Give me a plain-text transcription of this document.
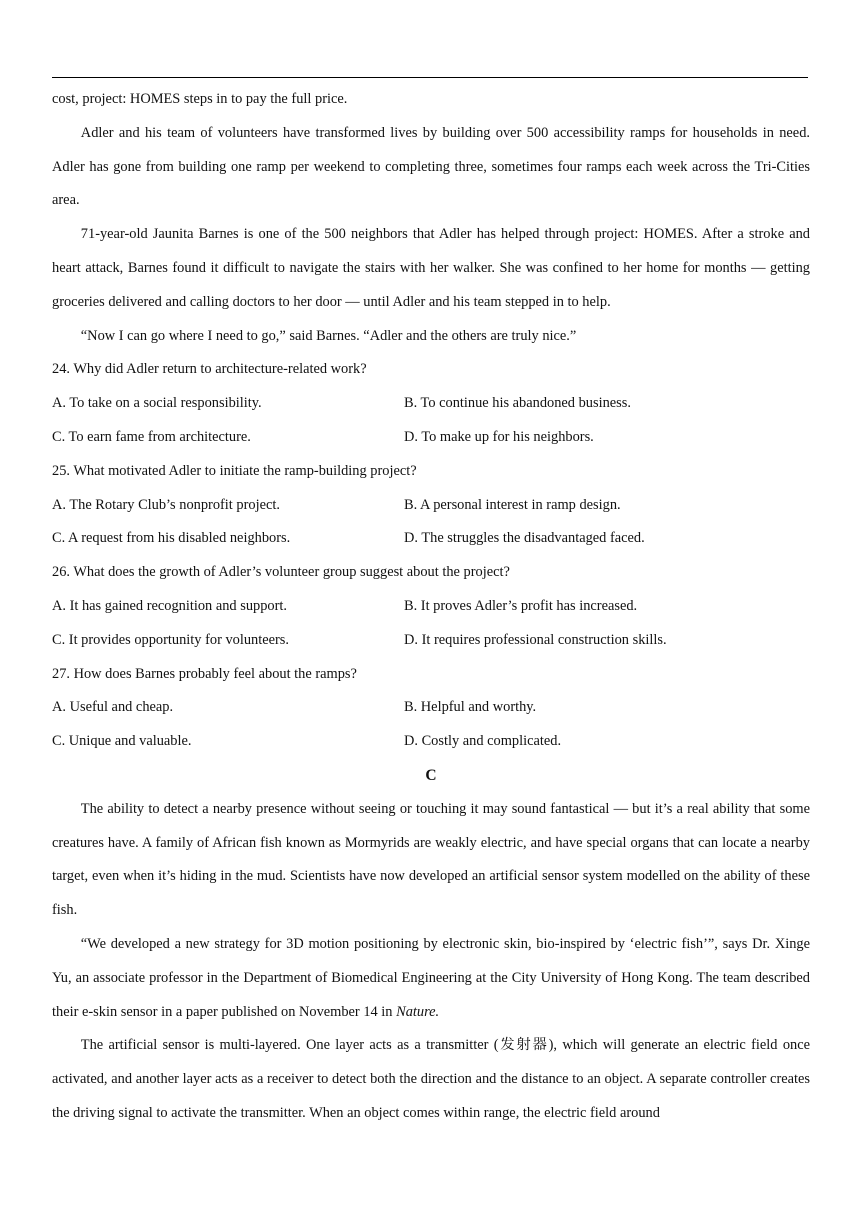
cost, project: HOMES steps in to pay the full price.

Adler and his team of volunteers have transformed lives by building over 500 accessibility ramps for households in need. Adler has gone from building one ramp per weekend to completing three, sometimes four ramps each week across the Tri-Cities area.

71-year-old Jaunita Barnes is one of the 500 neighbors that Adler has helped through project: HOMES. After a stroke and heart attack, Barnes found it difficult to navigate the stairs with her walker. She was confined to her home for months — getting groceries delivered and calling doctors to her door — until Adler and his team stepped in to help.

“Now I can go where I need to go,” said Barnes. “Adler and the others are truly nice.”

24. Why did Adler return to architecture-related work?

A. To take on a social responsibility.	B. To continue his abandoned business.
C. To earn fame from architecture.	D. To make up for his neighbors.

25. What motivated Adler to initiate the ramp-building project?

A. The Rotary Club’s nonprofit project.	B. A personal interest in ramp design.
C. A request from his disabled neighbors.	D. The struggles the disadvantaged faced.

26. What does the growth of Adler’s volunteer group suggest about the project?

A. It has gained recognition and support.	B. It proves Adler’s profit has increased.
C. It provides opportunity for volunteers.	D. It requires professional construction skills.

27. How does Barnes probably feel about the ramps?

A. Useful and cheap.	B. Helpful and worthy.
C. Unique and valuable.	D. Costly and complicated.

C

The ability to detect a nearby presence without seeing or touching it may sound fantastical — but it’s a real ability that some creatures have. A family of African fish known as Mormyrids are weakly electric, and have special organs that can locate a nearby target, even when it’s hiding in the mud. Scientists have now developed an artificial sensor system modelled on the ability of these fish.

“We developed a new strategy for 3D motion positioning by electronic skin, bio-inspired by ‘electric fish’”, says Dr. Xinge Yu, an associate professor in the Department of Biomedical Engineering at the City University of Hong Kong. The team described their e-skin sensor in a paper published on November 14 in Nature.

The artificial sensor is multi-layered. One layer acts as a transmitter (发射器), which will generate an electric field once activated, and another layer acts as a receiver to detect both the direction and the distance to an object. A separate controller creates the driving signal to activate the transmitter. When an object comes within range, the electric field around
